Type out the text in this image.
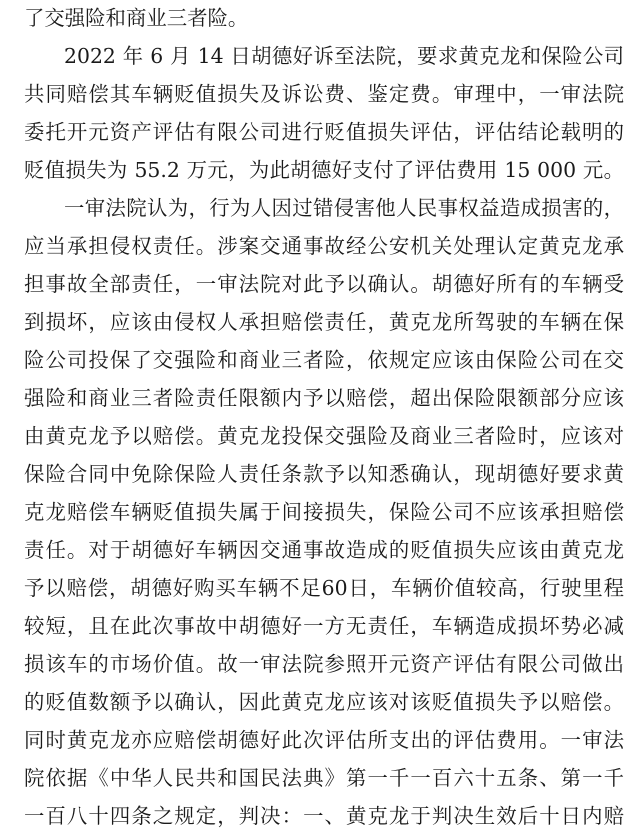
了交强险和商业三者险。
2022 年 6 月 14 日胡德好诉至法院，要求黄克龙和保险公司
共同赔偿其车辆贬值损失及诉讼费、鉴定费。审理中，一审法院
委托开元资产评估有限公司进行贬值损失评估，评估结论载明的
贬值损失为 55.2 万元，为此胡德好支付了评估费用 15 000 元。
一审法院认为，行为人因过错侵害他人民事权益造成损害的，
应当承担侵权责任。涉案交通事故经公安机关处理认定黄克龙承
担事故全部责任，一审法院对此予以确认。胡德好所有的车辆受
到损坏，应该由侵权人承担赔偿责任，黄克龙所驾驶的车辆在保
险公司投保了交强险和商业三者险，依规定应该由保险公司在交
强险和商业三者险责任限额内予以赔偿，超出保险限额部分应该
由黄克龙予以赔偿。黄克龙投保交强险及商业三者险时，应该对
保险合同中免除保险人责任条款予以知悉确认，现胡德好要求黄
克龙赔偿车辆贬值损失属于间接损失，保险公司不应该承担赔偿
责任。对于胡德好车辆因交通事故造成的贬值损失应该由黄克龙
予以赔偿，胡德好购买车辆不足60日，车辆价值较高，行驶里程
较短，且在此次事故中胡德好一方无责任，车辆造成损坏势必减
损该车的市场价值。故一审法院参照开元资产评估有限公司做出
的贬值数额予以确认，因此黄克龙应该对该贬值损失予以赔偿。
同时黄克龙亦应赔偿胡德好此次评估所支出的评估费用。一审法
院依据《中华人民共和国民法典》第一千一百六十五条、第一千
一百八十四条之规定，判决：一、黄克龙于判决生效后十日内赔
